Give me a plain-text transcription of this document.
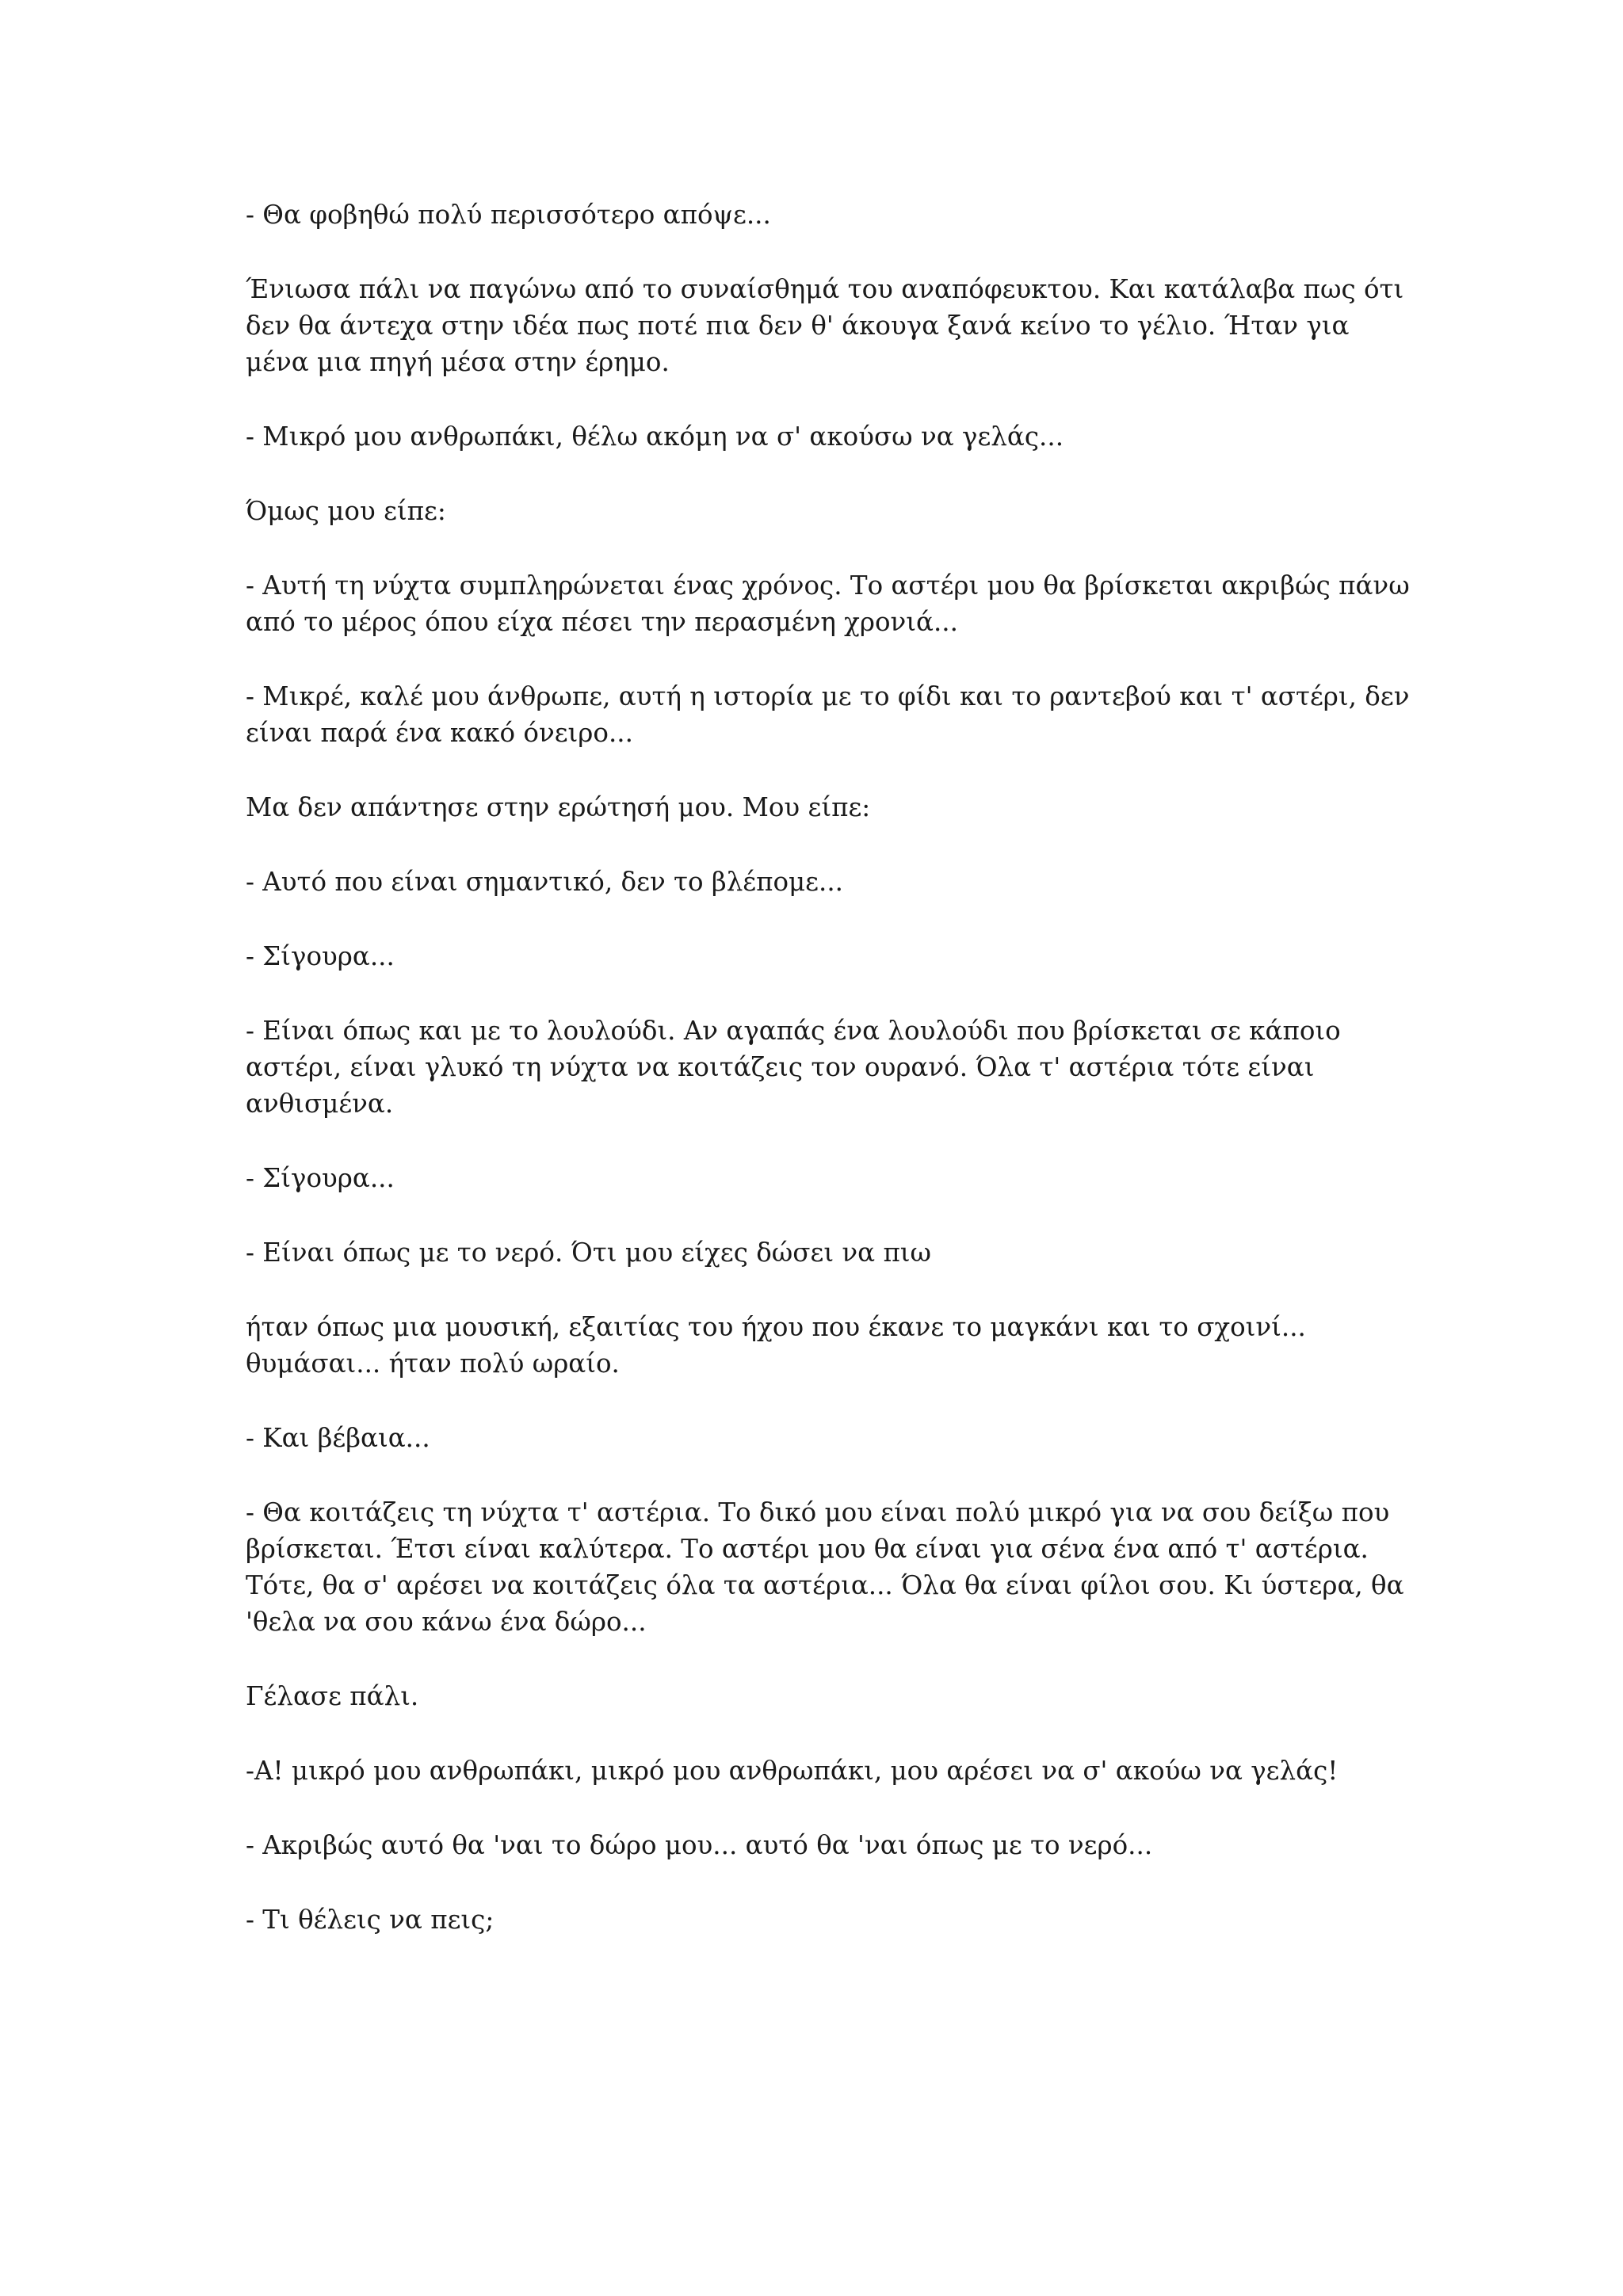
- Θα φοβηθώ πολύ περισσότερο απόψε...

Ένιωσα πάλι να παγώνω από το συναίσθημά του αναπόφευκτου. Και κατάλαβα πως ότι δεν θα άντεχα στην ιδέα πως ποτέ πια δεν θ' άκουγα ξανά κείνο το γέλιο. Ήταν για μένα μια πηγή μέσα στην έρημο.

- Μικρό μου ανθρωπάκι, θέλω ακόμη να σ' ακούσω να γελάς...

Όμως μου είπε:

- Αυτή τη νύχτα συμπληρώνεται ένας χρόνος. Το αστέρι μου θα βρίσκεται ακριβώς πάνω από το μέρος όπου είχα πέσει την περασμένη χρονιά...

- Μικρέ, καλέ μου άνθρωπε, αυτή η ιστορία με το φίδι και το ραντεβού και τ' αστέρι, δεν είναι παρά ένα κακό όνειρο...

Μα δεν απάντησε στην ερώτησή μου. Μου είπε:

- Αυτό που είναι σημαντικό, δεν το βλέπομε...

- Σίγουρα...

- Είναι όπως και με το λουλούδι. Αν αγαπάς ένα λουλούδι που βρίσκεται σε κάποιο αστέρι, είναι γλυκό τη νύχτα να κοιτάζεις τον ουρανό. Όλα τ' αστέρια τότε είναι ανθισμένα.

- Σίγουρα...

- Είναι όπως με το νερό. Ότι μου είχες δώσει να πιω

ήταν όπως μια μουσική, εξαιτίας του ήχου που έκανε το μαγκάνι και το σχοινί... θυμάσαι... ήταν πολύ ωραίο.

- Και βέβαια...

- Θα κοιτάζεις τη νύχτα τ' αστέρια. Το δικό μου είναι πολύ μικρό για να σου δείξω που βρίσκεται. Έτσι είναι καλύτερα. Το αστέρι μου θα είναι για σένα ένα από τ' αστέρια. Τότε, θα σ' αρέσει να κοιτάζεις όλα τα αστέρια... Όλα θα είναι φίλοι σου. Κι ύστερα, θα 'θελα να σου κάνω ένα δώρο...

Γέλασε πάλι.

-Α! μικρό μου ανθρωπάκι, μικρό μου ανθρωπάκι, μου αρέσει να σ' ακούω να γελάς!

- Ακριβώς αυτό θα 'ναι το δώρο μου... αυτό θα 'ναι όπως με το νερό...

- Τι θέλεις να πεις;
